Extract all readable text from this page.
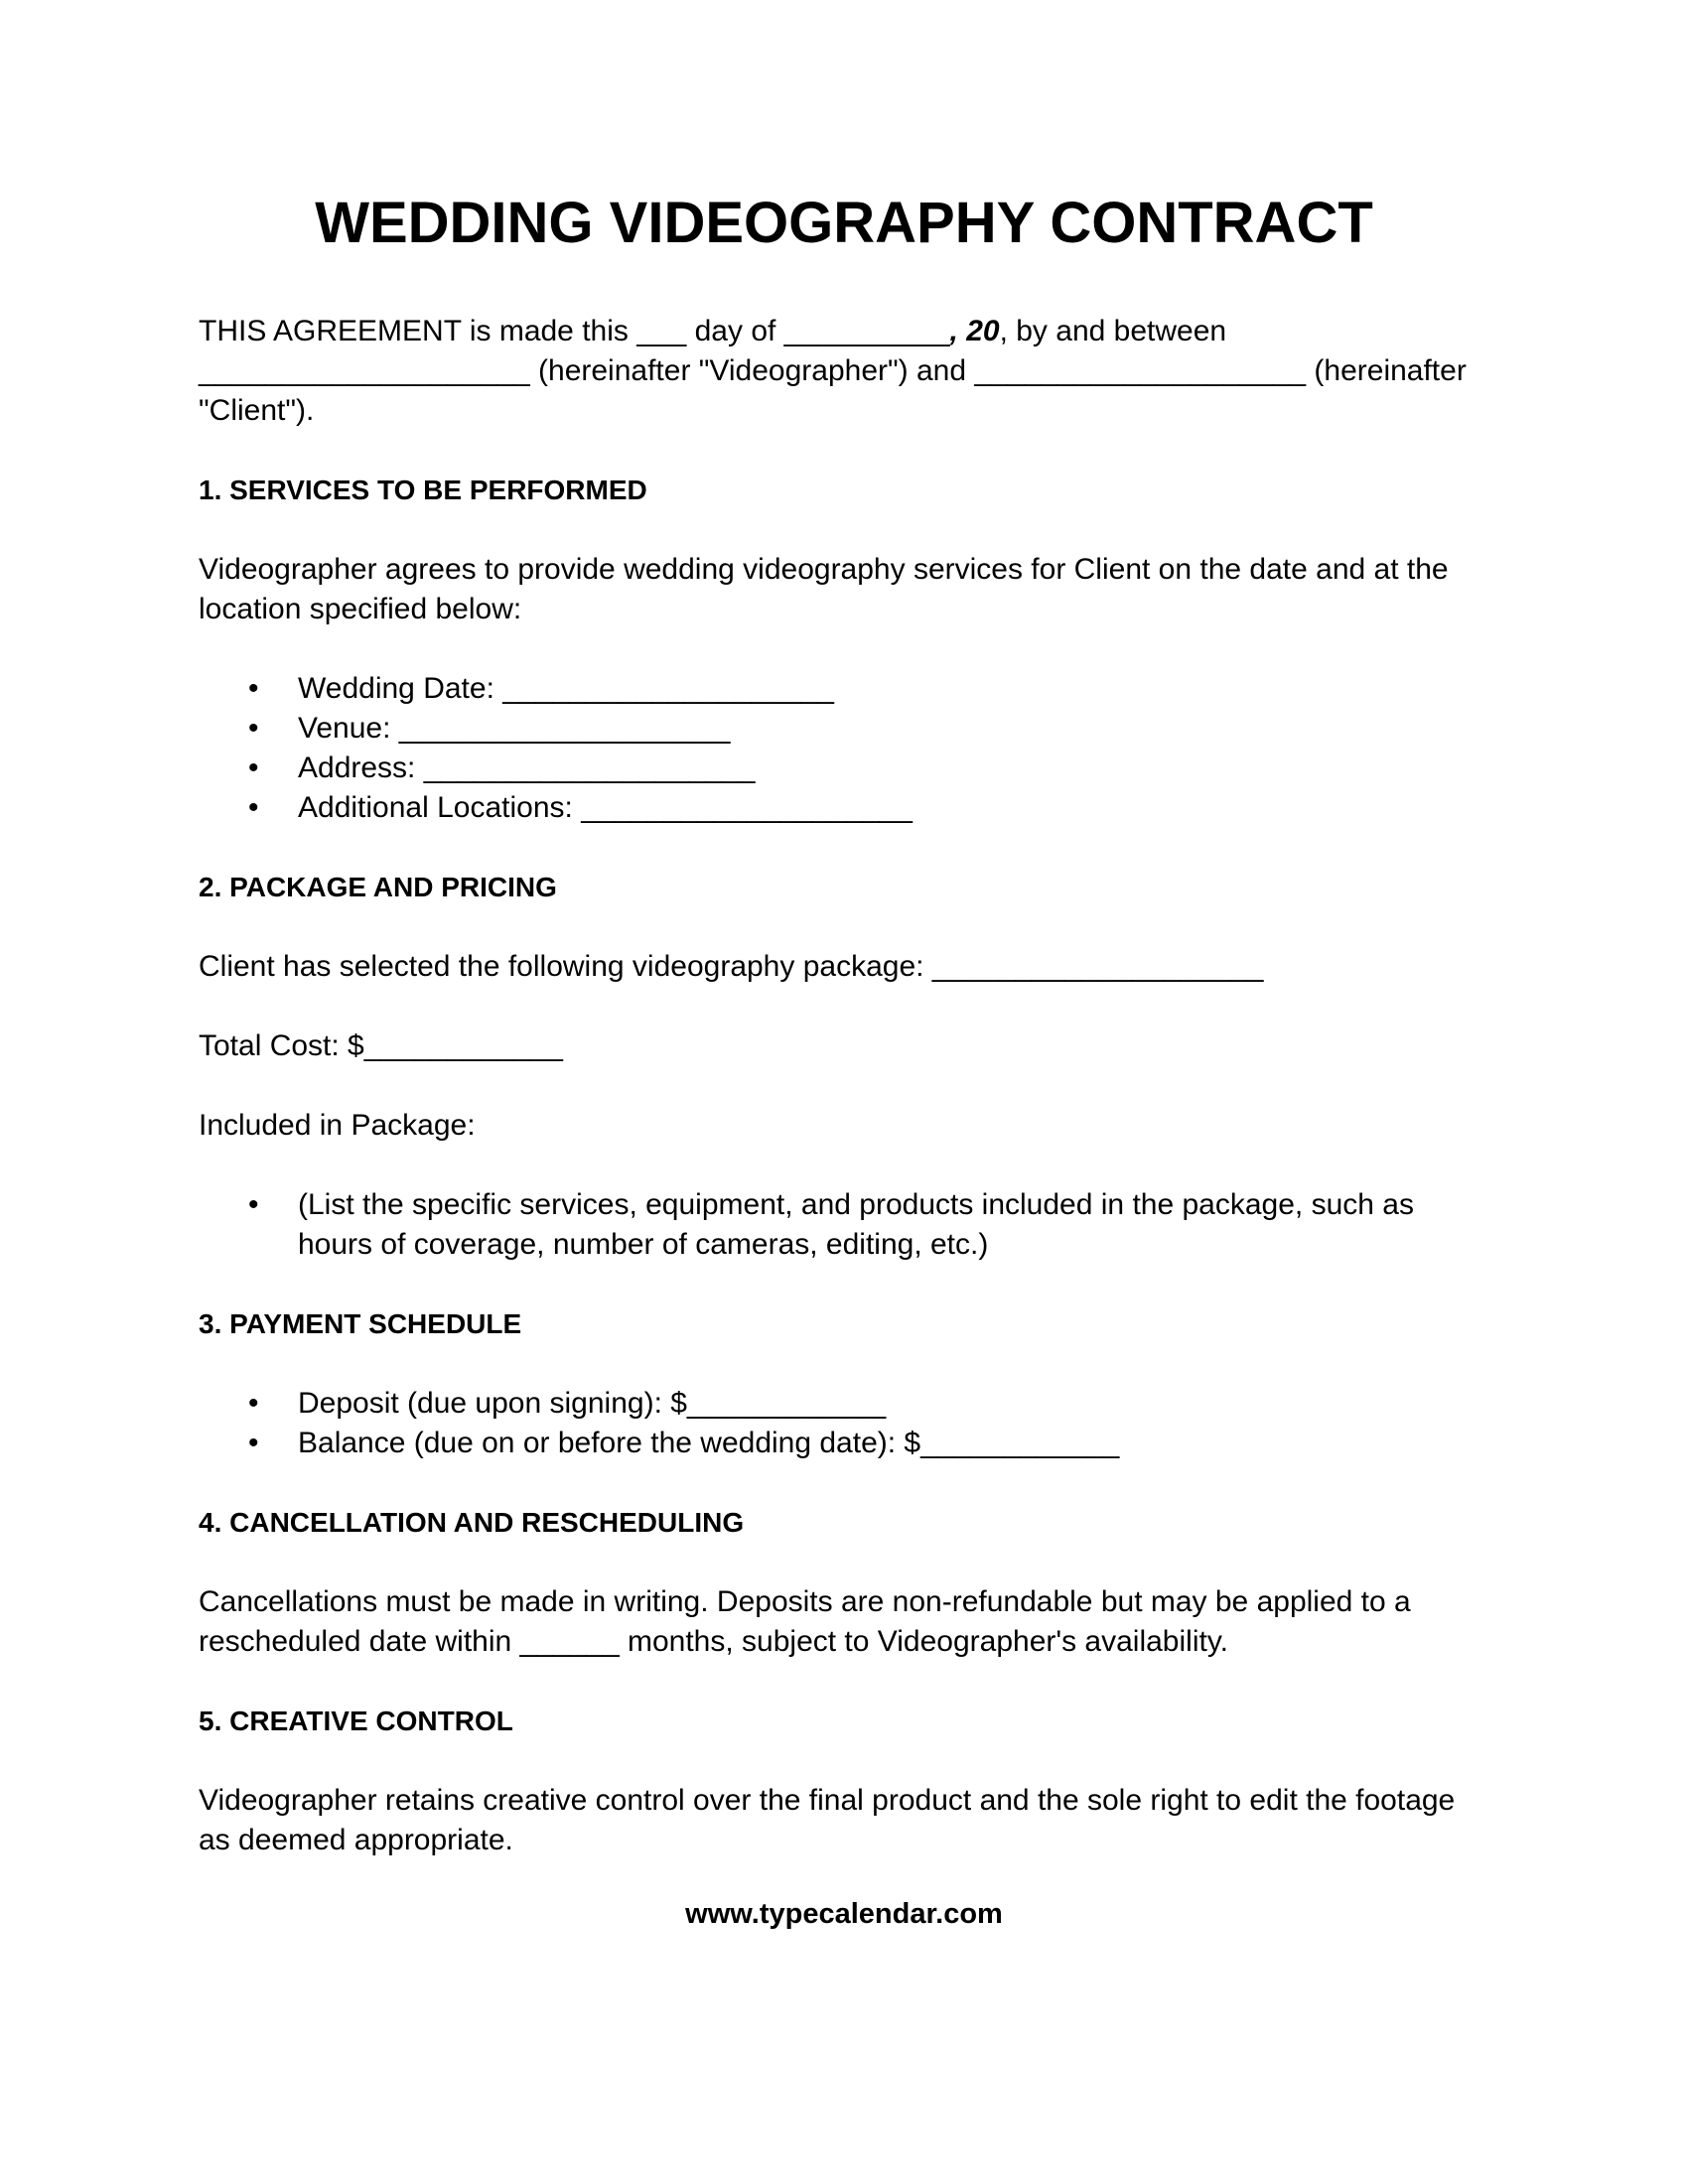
WEDDING VIDEOGRAPHY CONTRACT

THIS AGREEMENT is made this ___ day of __________, 20, by and between ____________________ (hereinafter "Videographer") and ____________________ (hereinafter "Client").

1. SERVICES TO BE PERFORMED

Videographer agrees to provide wedding videography services for Client on the date and at the location specified below:

• Wedding Date: ____________________
• Venue: ____________________
• Address: ____________________
• Additional Locations: ____________________
2. PACKAGE AND PRICING

Client has selected the following videography package: ____________________

Total Cost: $____________

Included in Package:

• (List the specific services, equipment, and products included in the package, such as hours of coverage, number of cameras, editing, etc.)
3. PAYMENT SCHEDULE
• Deposit (due upon signing): $____________
• Balance (due on or before the wedding date): $____________
4. CANCELLATION AND RESCHEDULING

Cancellations must be made in writing. Deposits are non-refundable but may be applied to a rescheduled date within ______ months, subject to Videographer's availability.

5. CREATIVE CONTROL

Videographer retains creative control over the final product and the sole right to edit the footage as deemed appropriate.

www.typecalendar.com
